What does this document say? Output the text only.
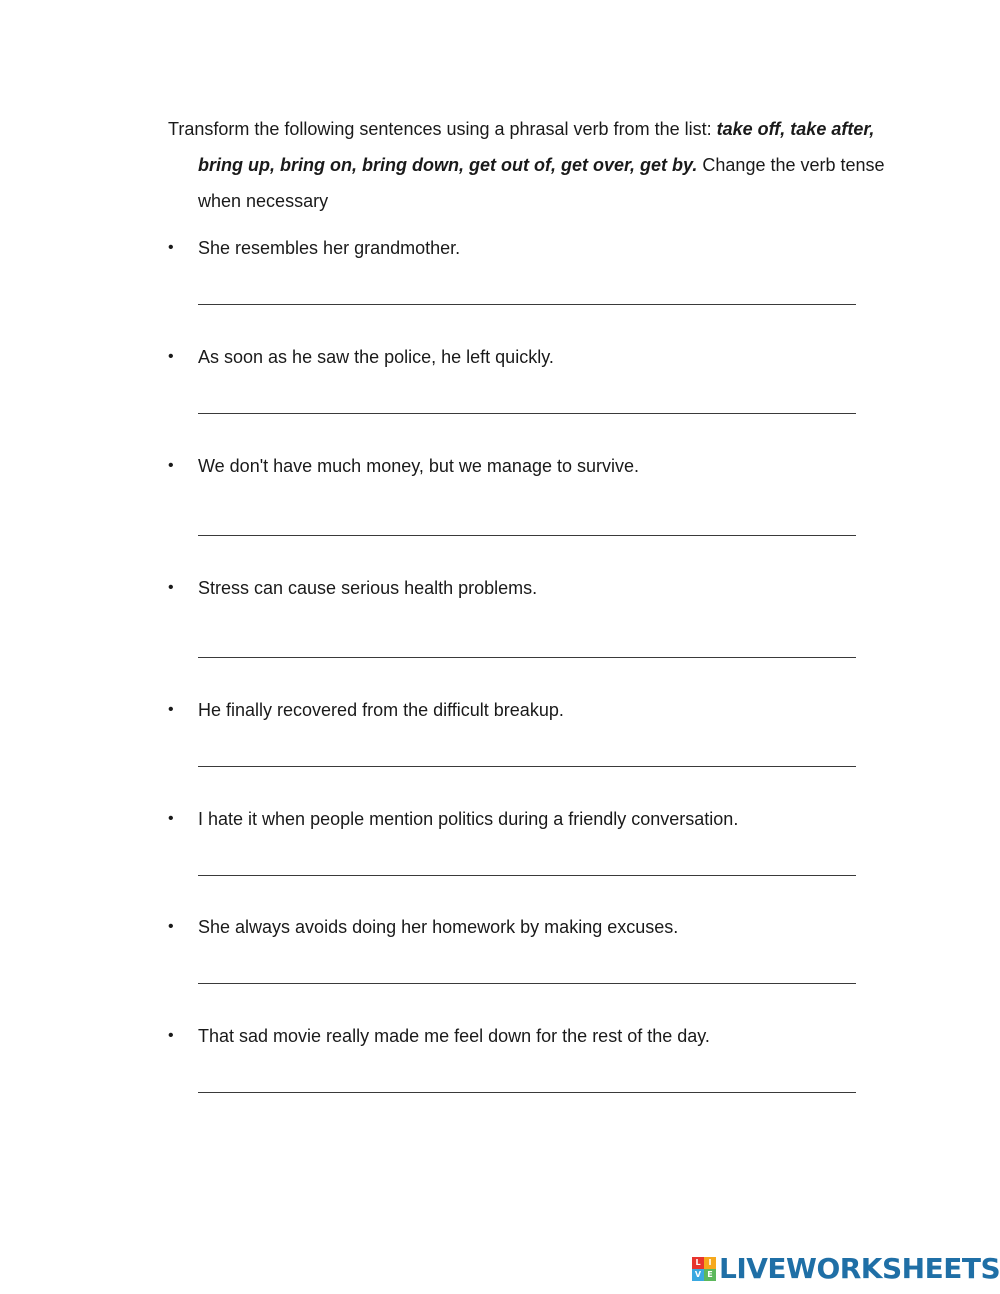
Transform the following sentences using a phrasal verb from the list: take off, take after, bring up, bring on, bring down, get out of, get over, get by. Change the verb tense when necessary
• She resembles her grandmother.
• As soon as he saw the police, he left quickly.
• We don't have much money, but we manage to survive.
• Stress can cause serious health problems.
• He finally recovered from the difficult breakup.
• I hate it when people mention politics during a friendly conversation.
• She always avoids doing her homework by making excuses.
• That sad movie really made me feel down for the rest of the day.
L I
V E LIVEWORKSHEETS
